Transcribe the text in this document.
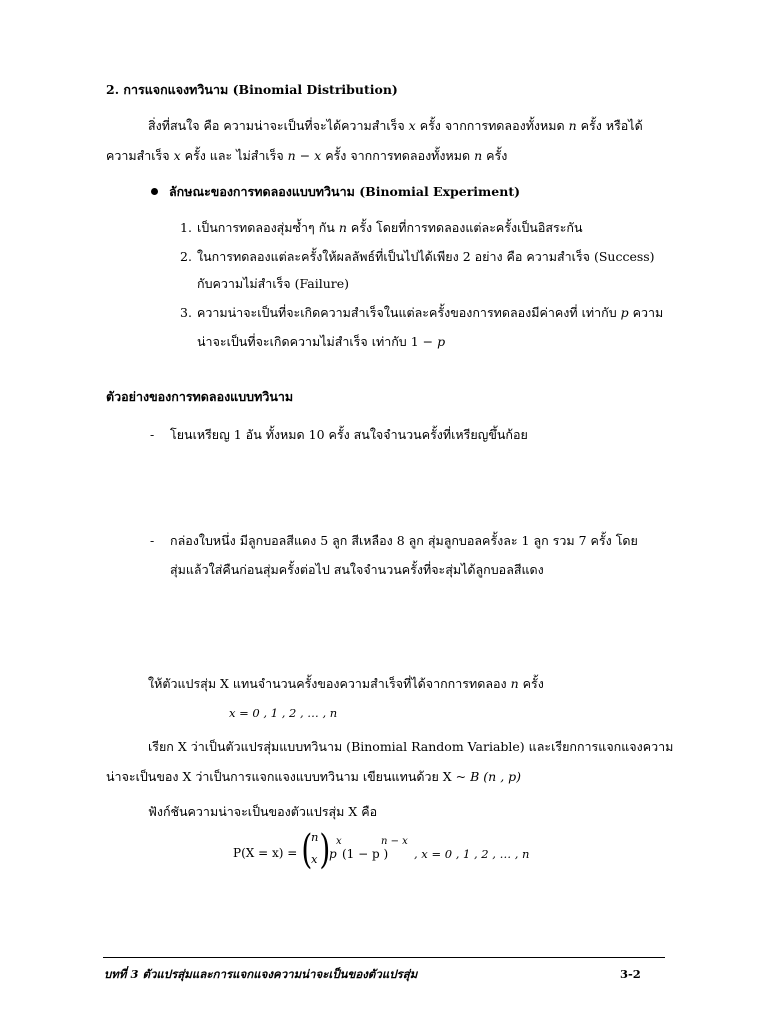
2. การแจกแจงทวินาม (Binomial Distribution)
สิ่งที่สนใจ คือ ความน่าจะเป็นที่จะได้ความสำเร็จ x ครั้ง จากการทดลองทั้งหมด n ครั้ง หรือได้
ความสำเร็จ x ครั้ง และ ไม่สำเร็จ n − x ครั้ง จากการทดลองทั้งหมด n ครั้ง
ลักษณะของการทดลองแบบทวินาม (Binomial Experiment)
1. เป็นการทดลองสุ่มซ้ำๆ กัน n ครั้ง โดยที่การทดลองแต่ละครั้งเป็นอิสระกัน
2. ในการทดลองแต่ละครั้งให้ผลลัพธ์ที่เป็นไปได้เพียง 2 อย่าง คือ ความสำเร็จ (Success)
กับความไม่สำเร็จ (Failure)
3. ความน่าจะเป็นที่จะเกิดความสำเร็จในแต่ละครั้งของการทดลองมีค่าคงที่ เท่ากับ p ความ
น่าจะเป็นที่จะเกิดความไม่สำเร็จ เท่ากับ 1 − p
ตัวอย่างของการทดลองแบบทวินาม
- โยนเหรียญ 1 อัน ทั้งหมด 10 ครั้ง สนใจจำนวนครั้งที่เหรียญขึ้นก้อย
- กล่องใบหนึ่ง มีลูกบอลสีแดง 5 ลูก สีเหลือง 8 ลูก สุ่มลูกบอลครั้งละ 1 ลูก รวม 7 ครั้ง โดย
สุ่มแล้วใส่คืนก่อนสุ่มครั้งต่อไป สนใจจำนวนครั้งที่จะสุ่มได้ลูกบอลสีแดง
ให้ตัวแปรสุ่ม X แทนจำนวนครั้งของความสำเร็จที่ได้จากการทดลอง n ครั้ง
x = 0 , 1 , 2 , … , n
เรียก X ว่าเป็นตัวแปรสุ่มแบบทวินาม (Binomial Random Variable) และเรียกการแจกแจงความ
น่าจะเป็นของ X ว่าเป็นการแจกแจงแบบทวินาม เขียนแทนด้วย X ~ B (n , p)
ฟังก์ชันความน่าจะเป็นของตัวแปรสุ่ม X คือ
P(X = x) = (
n
x )
p
x
(1 − p )
n − x
, x = 0 , 1 , 2 , … , n
บทที่ 3 ตัวแปรสุ่มและการแจกแจงความน่าจะเป็นของตัวแปรสุ่ม	3-2
